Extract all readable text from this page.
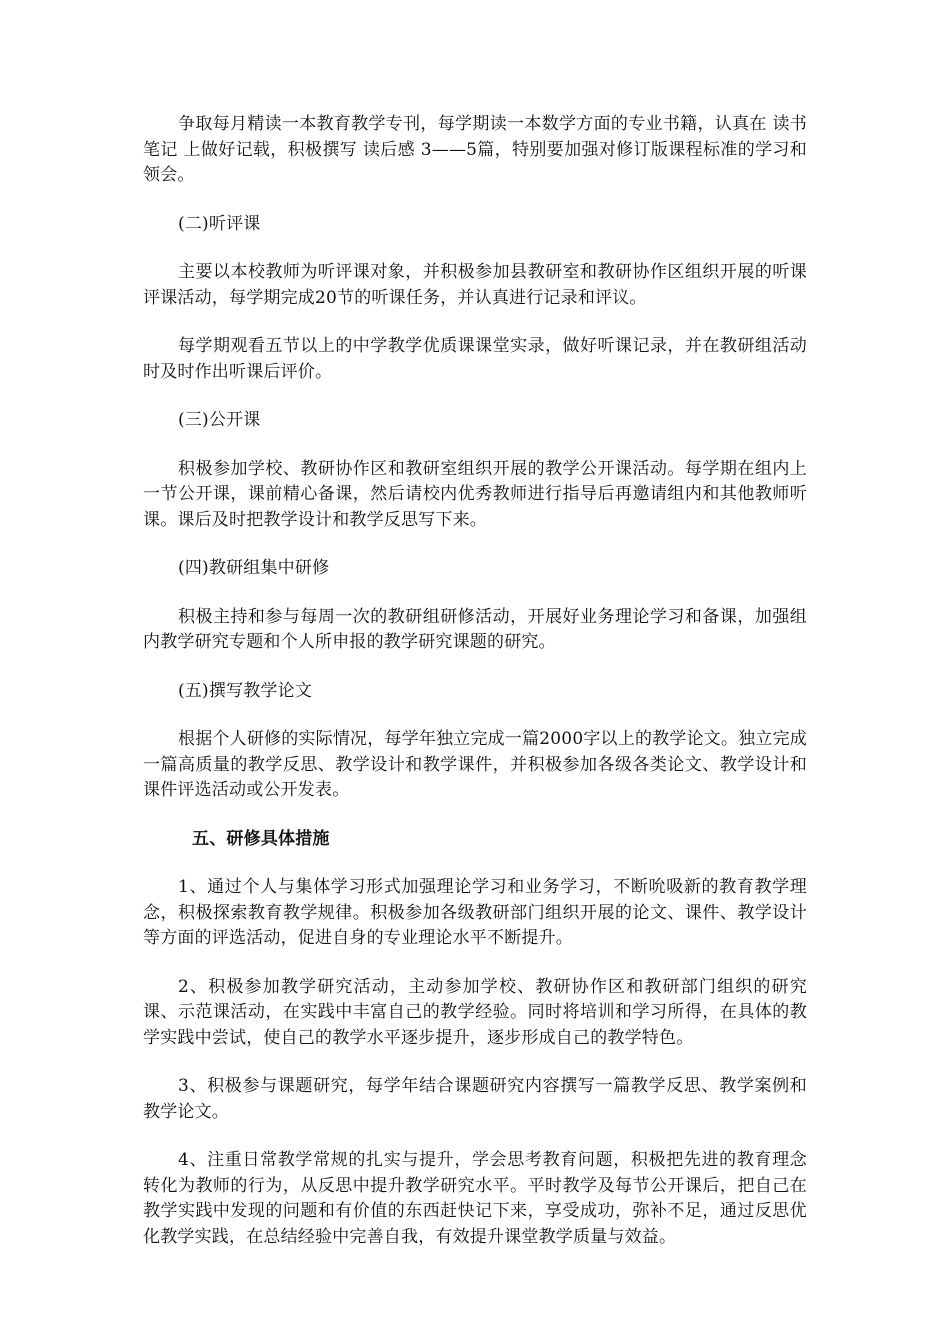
争取每月精读一本教育教学专刊，每学期读一本数学方面的专业书籍，认真在 读书笔记 上做好记载，积极撰写 读后感 3——5篇，特别要加强对修订版课程标准的学习和领会。

(二)听评课

主要以本校教师为听评课对象，并积极参加县教研室和教研协作区组织开展的听课评课活动，每学期完成20节的听课任务，并认真进行记录和评议。

每学期观看五节以上的中学教学优质课课堂实录，做好听课记录，并在教研组活动时及时作出听课后评价。

(三)公开课

积极参加学校、教研协作区和教研室组织开展的教学公开课活动。每学期在组内上一节公开课，课前精心备课，然后请校内优秀教师进行指导后再邀请组内和其他教师听课。课后及时把教学设计和教学反思写下来。

(四)教研组集中研修

积极主持和参与每周一次的教研组研修活动，开展好业务理论学习和备课，加强组内教学研究专题和个人所申报的教学研究课题的研究。

(五)撰写教学论文

根据个人研修的实际情况，每学年独立完成一篇2000字以上的教学论文。独立完成一篇高质量的教学反思、教学设计和教学课件，并积极参加各级各类论文、教学设计和课件评选活动或公开发表。

五、研修具体措施

1、通过个人与集体学习形式加强理论学习和业务学习，不断吮吸新的教育教学理念，积极探索教育教学规律。积极参加各级教研部门组织开展的论文、课件、教学设计等方面的评选活动，促进自身的专业理论水平不断提升。

2、积极参加教学研究活动，主动参加学校、教研协作区和教研部门组织的研究课、示范课活动，在实践中丰富自己的教学经验。同时将培训和学习所得，在具体的教学实践中尝试，使自己的教学水平逐步提升，逐步形成自己的教学特色。

3、积极参与课题研究，每学年结合课题研究内容撰写一篇教学反思、教学案例和教学论文。

4、注重日常教学常规的扎实与提升，学会思考教育问题，积极把先进的教育理念转化为教师的行为，从反思中提升教学研究水平。平时教学及每节公开课后，把自己在教学实践中发现的问题和有价值的东西赶快记下来，享受成功，弥补不足，通过反思优化教学实践，在总结经验中完善自我，有效提升课堂教学质量与效益。
